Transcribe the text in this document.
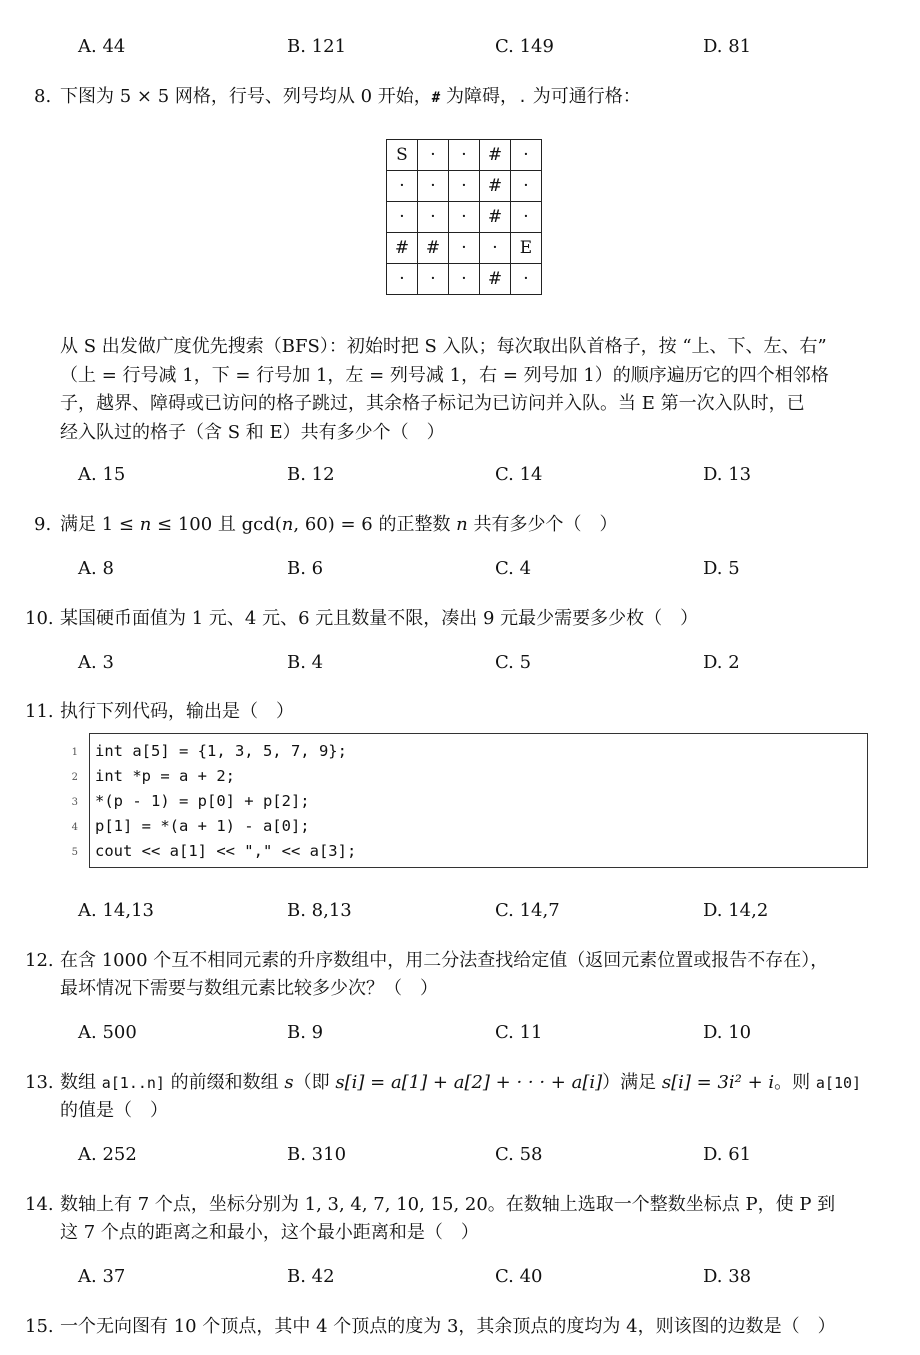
A. 44	B. 121	C. 149	D. 81
8. 下图为 5 × 5 网格，行号、列号均从 0 开始，# 为障碍，. 为可通行格：
S	·	·	#	·
·	·	·	#	·
·	·	·	#	·
#	#	·	·	E
·	·	·	#	·
从 S 出发做广度优先搜索（BFS）：初始时把 S 入队；每次取出队首格子，按 “上、下、左、右”
（上 = 行号减 1，下 = 行号加 1，左 = 列号减 1，右 = 列号加 1）的顺序遍历它的四个相邻格
子，越界、障碍或已访问的格子跳过，其余格子标记为已访问并入队。当 E 第一次入队时，已
经入队过的格子（含 S 和 E）共有多少个（　）
A. 15	B. 12	C. 14	D. 13
9. 满足 1 ≤ n ≤ 100 且 gcd(n, 60) = 6 的正整数 n 共有多少个（　）
A. 8	B. 6	C. 4	D. 5
10. 某国硬币面值为 1 元、4 元、6 元且数量不限，凑出 9 元最少需要多少枚（　）
A. 3	B. 4	C. 5	D. 2
11. 执行下列代码，输出是（　）
1
2
3
4
5
int a[5] = {1, 3, 5, 7, 9};
int *p = a + 2;
*(p - 1) = p[0] + p[2];
p[1] = *(a + 1) - a[0];
cout << a[1] << "," << a[3];
A. 14,13	B. 8,13	C. 14,7	D. 14,2
12. 在含 1000 个互不相同元素的升序数组中，用二分法查找给定值（返回元素位置或报告不存在），
最坏情况下需要与数组元素比较多少次？（　）
A. 500	B. 9	C. 11	D. 10
13. 数组 a[1..n] 的前缀和数组 s（即 s[i] = a[1] + a[2] + · · · + a[i]）满足 s[i] = 3i² + i。则 a[10]
的值是（　）
A. 252	B. 310	C. 58	D. 61
14. 数轴上有 7 个点，坐标分别为 1, 3, 4, 7, 10, 15, 20。在数轴上选取一个整数坐标点 P，使 P 到
这 7 个点的距离之和最小，这个最小距离和是（　）
A. 37	B. 42	C. 40	D. 38
15. 一个无向图有 10 个顶点，其中 4 个顶点的度为 3，其余顶点的度均为 4，则该图的边数是（　）
